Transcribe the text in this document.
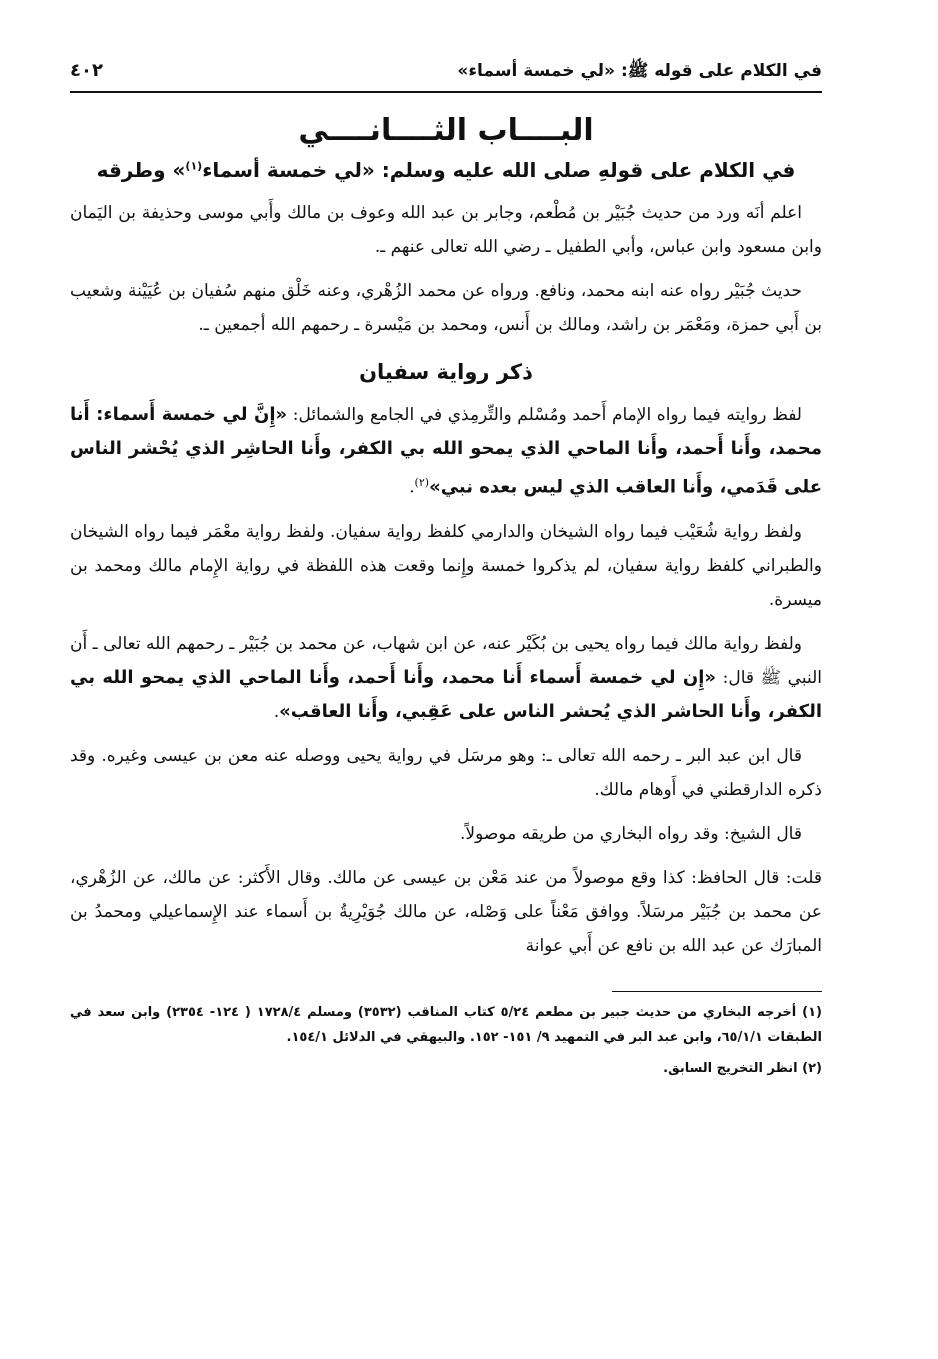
في الكلام على قوله ﷺ: «لي خمسة أسماء»
٤٠٢
البــــاب الثــــانــــي
في الكلام على قولهِ صلى الله عليه وسلم: «لي خمسة أسماء$^{(١)}$» وطرقه

اعلم أنَه ورد من حديث جُبَيْر بن مُطْعم، وجابر بن عبد الله وعوف بن مالك وأَبي موسى وحذيفة بن اليَمان وابن مسعود وابن عباس، وأبي الطفيل ـ رضي الله تعالى عنهم ـ.

حديث جُبَيْر رواه عنه ابنه محمد، ونافع. ورواه عن محمد الزُهْري، وعنه خَلْق منهم سُفيان بن عُيَيْنة وشعيب بن أَبي حمزة، ومَعْمَر بن راشد، ومالك بن أَنس، ومحمد بن مَيْسرة ـ رحمهم الله أجمعين ـ.

ذكر رواية سفيان

لفظ روايته فيما رواه الإمام أَحمد ومُسْلم والتِّرمِذي في الجامع والشمائل: «إِنَّ لي خمسة أَسماء: أَنا محمد، وأَنا أَحمد، وأَنا الماحي الذي يمحو الله بي الكفر، وأَنا الحاشِر الذي يُحْشر الناس على قَدَمي، وأَنا العاقب الذي ليس بعده نبي»$^{(٢)}$.

ولفظ رواية شُعَيْب فيما رواه الشيخان والدارمي كلفظ رواية سفيان. ولفظ رواية معْمَر فيما رواه الشيخان والطبراني كلفظ رواية سفيان، لم يذكروا خمسة وإِنما وقعت هذه اللفظة في رواية الإِمام مالك ومحمد بن ميسرة.

ولفظ رواية مالك فيما رواه يحيى بن بُكَيْر عنه، عن ابن شهاب، عن محمد بن جُبَيْر ـ رحمهم الله تعالى ـ أَن النبي ﷺ قال: «إِن لي خمسة أَسماء أَنا محمد، وأَنا أَحمد، وأَنا الماحي الذي يمحو الله بي الكفر، وأَنا الحاشر الذي يُحشر الناس على عَقِبي، وأَنا العاقب».

قال ابن عبد البر ـ رحمه الله تعالى ـ: وهو مرسَل في رواية يحيى ووصله عنه معن بن عيسى وغيره. وقد ذكره الدارقطني في أَوهام مالك.

قال الشيخ: وقد رواه البخاري من طريقه موصولاً.

قلت: قال الحافظ: كذا وقع موصولاً من عند مَعْن بن عيسى عن مالك. وقال الأَكثر: عن مالك، عن الزُهْري، عن محمد بن جُبَيْر مرسَلاً. ووافق مَعْناً على وَصْله، عن مالك جُوَيْرِيةُ بن أَسماء عند الإِسماعيلي ومحمدُ بن المبارَك عن عبد الله بن نافع عن أَبي عوانة

(١) أخرجه البخاري من حديث جبير بن مطعم ٥/٢٤ كتاب المناقب (٣٥٣٢) ومسلم ١٧٢٨/٤ ( ١٢٤- ٢٣٥٤) وابن سعد في الطبقات ٦٥/١/١، وابن عبد البر في التمهيد ٩/ ١٥١- ١٥٢. والبيهقي في الدلائل ١٥٤/١.

(٢) انظر التخريج السابق.
